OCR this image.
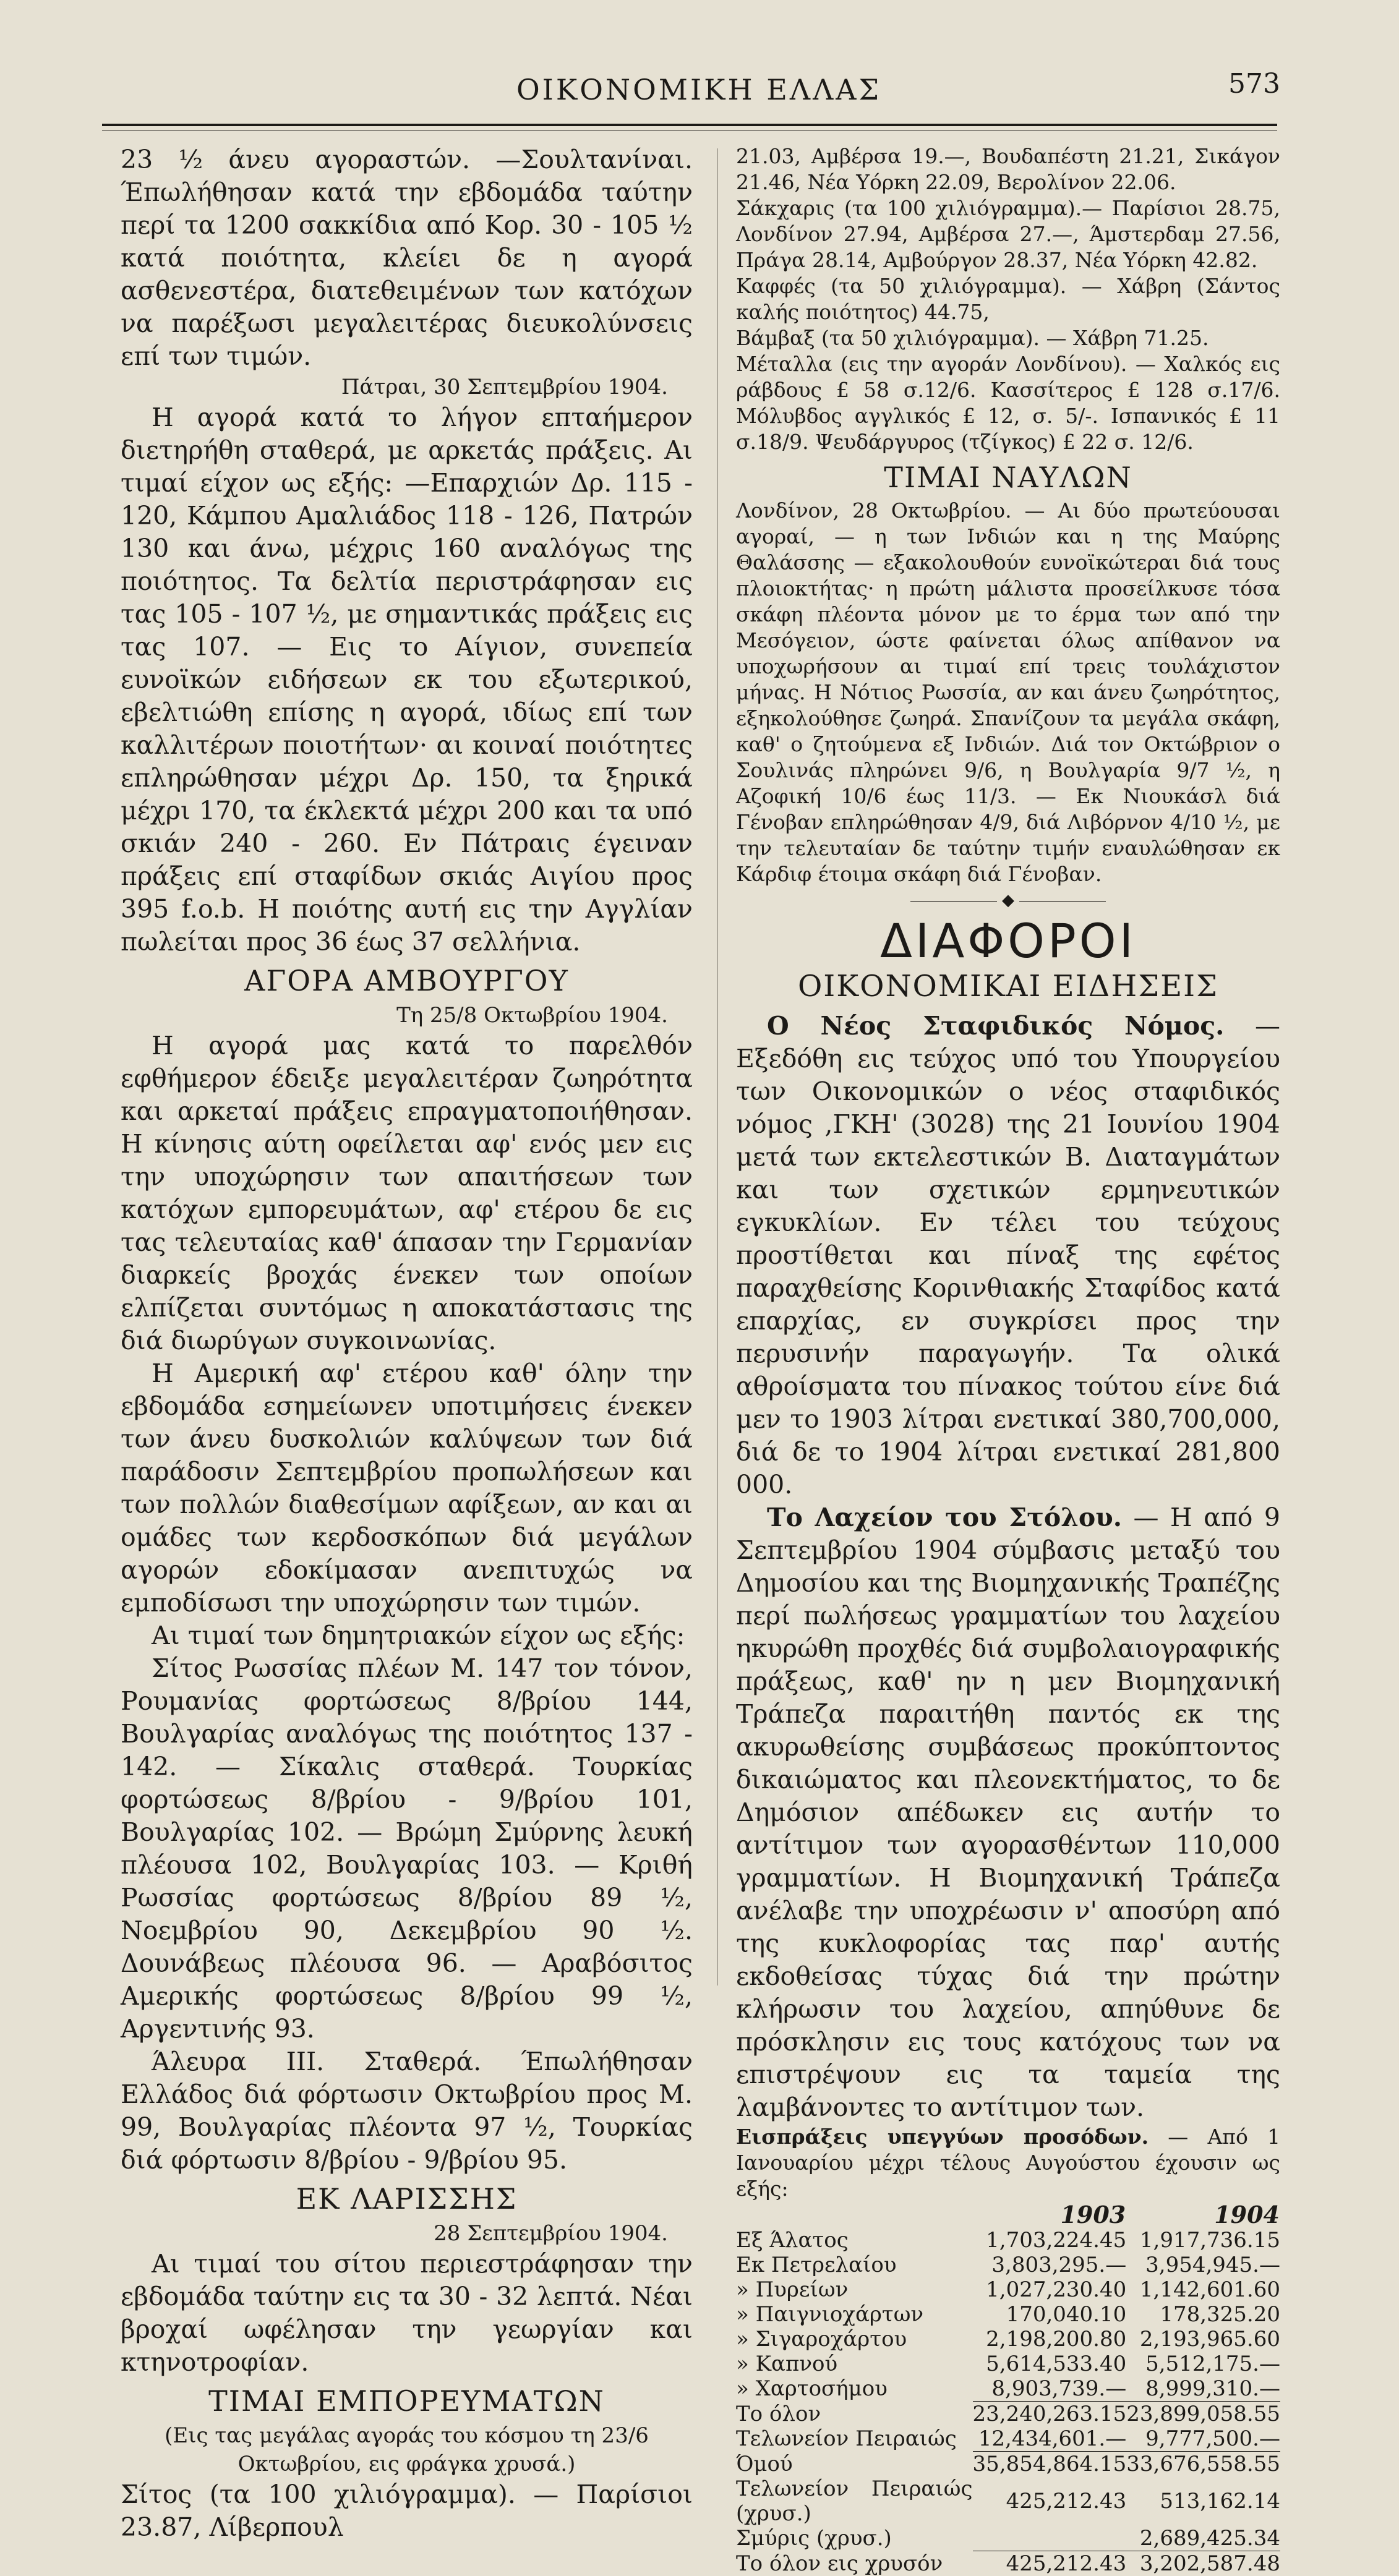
ΟΙΚΟΝΟΜΙΚΗ ΕΛΛΑΣ	573

23 ½ άνευ αγοραστών. —Σουλτανίναι. Έπωλήθησαν κατά την εβδομάδα ταύτην περί τα 1200 σακκίδια από Κορ. 30 - 105 ½ κατά ποιότητα, κλείει δε η αγορά ασθενεστέρα, διατεθειμένων των κατόχων να παρέξωσι μεγαλειτέρας διευκολύνσεις επί των τιμών.

Πάτραι, 30 Σεπτεμβρίου 1904.

Η αγορά κατά το λήγον επταήμερον διετηρήθη σταθερά, με αρκετάς πράξεις. Αι τιμαί είχον ως εξής: —Επαρχιών Δρ. 115 - 120, Κάμπου Αμαλιάδος 118 - 126, Πατρών 130 και άνω, μέχρις 160 αναλόγως της ποιότητος. Τα δελτία περιστράφησαν εις τας 105 - 107 ½, με σημαντικάς πράξεις εις τας 107. — Εις το Αίγιον, συνεπεία ευνοϊκών ειδήσεων εκ του εξωτερικού, εβελτιώθη επίσης η αγορά, ιδίως επί των καλλιτέρων ποιοτήτων· αι κοιναί ποιότητες επληρώθησαν μέχρι Δρ. 150, τα ξηρικά μέχρι 170, τα έκλεκτά μέχρι 200 και τα υπό σκιάν 240 - 260. Εν Πάτραις έγειναν πράξεις επί σταφίδων σκιάς Αιγίου προς 395 f.o.b. Η ποιότης αυτή εις την Αγγλίαν πωλείται προς 36 έως 37 σελλήνια.

ΑΓΟΡΑ ΑΜΒΟΥΡΓΟΥ
Τη 25/8 Οκτωβρίου 1904.

Η αγορά μας κατά το παρελθόν εφθήμερον έδειξε μεγαλειτέραν ζωηρότητα και αρκεταί πράξεις επραγματοποιήθησαν. Η κίνησις αύτη οφείλεται αφ' ενός μεν εις την υποχώρησιν των απαιτήσεων των κατόχων εμπορευμάτων, αφ' ετέρου δε εις τας τελευταίας καθ' άπασαν την Γερμανίαν διαρκείς βροχάς ένεκεν των οποίων ελπίζεται συντόμως η αποκατάστασις της διά διωρύγων συγκοινωνίας.

Η Αμερική αφ' ετέρου καθ' όλην την εβδομάδα εσημείωνεν υποτιμήσεις ένεκεν των άνευ δυσκολιών καλύψεων των διά παράδοσιν Σεπτεμβρίου προπωλήσεων και των πολλών διαθεσίμων αφίξεων, αν και αι ομάδες των κερδοσκόπων διά μεγάλων αγορών εδοκίμασαν ανεπιτυχώς να εμποδίσωσι την υποχώρησιν των τιμών.

Αι τιμαί των δημητριακών είχον ως εξής:

Σίτος Ρωσσίας πλέων Μ. 147 τον τόνον, Ρουμανίας φορτώσεως 8/βρίου 144, Βουλγαρίας αναλόγως της ποιότητος 137 - 142. — Σίκαλις σταθερά. Τουρκίας φορτώσεως 8/βρίου - 9/βρίου 101, Βουλγαρίας 102. — Βρώμη Σμύρνης λευκή πλέουσα 102, Βουλγαρίας 103. — Κριθή Ρωσσίας φορτώσεως 8/βρίου 89 ½, Νοεμβρίου 90, Δεκεμβρίου 90 ½. Δουνάβεως πλέουσα 96. — Αραβόσιτος Αμερικής φορτώσεως 8/βρίου 99 ½, Αργεντινής 93.

Άλευρα ΙΙΙ. Σταθερά. Έπωλήθησαν Ελλάδος διά φόρτωσιν Οκτωβρίου προς Μ. 99, Βουλγαρίας πλέοντα 97 ½, Τουρκίας διά φόρτωσιν 8/βρίου - 9/βρίου 95.

ΕΚ ΛΑΡΙΣΣΗΣ
28 Σεπτεμβρίου 1904.

Αι τιμαί του σίτου περιεστράφησαν την εβδομάδα ταύτην εις τα 30 - 32 λεπτά. Νέαι βροχαί ωφέλησαν την γεωργίαν και κτηνοτροφίαν.

ΤΙΜΑΙ ΕΜΠΟΡΕΥΜΑΤΩΝ
(Εις τας μεγάλας αγοράς του κόσμου τη 23/6 Οκτωβρίου, εις φράγκα χρυσά.)

Σίτος (τα 100 χιλιόγραμμα). — Παρίσιοι 23.87, Λίβερπουλ

21.03, Αμβέρσα 19.—, Βουδαπέστη 21.21, Σικάγον 21.46, Νέα Υόρκη 22.09, Βερολίνον 22.06.

Σάκχαρις (τα 100 χιλιόγραμμα).— Παρίσιοι 28.75, Λονδίνον 27.94, Αμβέρσα 27.—, Άμστερδαμ 27.56, Πράγα 28.14, Αμβούργον 28.37, Νέα Υόρκη 42.82.

Καφφές (τα 50 χιλιόγραμμα). — Χάβρη (Σάντος καλής ποιότητος) 44.75,

Βάμβαξ (τα 50 χιλιόγραμμα). — Χάβρη 71.25.

Μέταλλα (εις την αγοράν Λονδίνου). — Χαλκός εις ράβδους £ 58 σ.12/6. Κασσίτερος £ 128 σ.17/6. Μόλυβδος αγγλικός £ 12, σ. 5/-. Ισπανικός £ 11 σ.18/9. Ψευδάργυρος (τζίγκος) £ 22 σ. 12/6.

ΤΙΜΑΙ ΝΑΥΛΩΝ

Λονδίνον, 28 Οκτωβρίου. — Αι δύο πρωτεύουσαι αγοραί, — η των Ινδιών και η της Μαύρης Θαλάσσης — εξακολουθούν ευνοϊκώτεραι διά τους πλοιοκτήτας· η πρώτη μάλιστα προσείλκυσε τόσα σκάφη πλέοντα μόνον με το έρμα των από την Μεσόγειον, ώστε φαίνεται όλως απίθανον να υποχωρήσουν αι τιμαί επί τρεις τουλάχιστον μήνας. Η Νότιος Ρωσσία, αν και άνευ ζωηρότητος, εξηκολούθησε ζωηρά. Σπανίζουν τα μεγάλα σκάφη, καθ' ο ζητούμενα εξ Ινδιών. Διά τον Οκτώβριον ο Σουλινάς πληρώνει 9/6, η Βουλγαρία 9/7 ½, η Αζοφική 10/6 έως 11/3. — Εκ Νιουκάσλ διά Γένοβαν επληρώθησαν 4/9, διά Λιβόρνον 4/10 ½, με την τελευταίαν δε ταύτην τιμήν εναυλώθησαν εκ Κάρδιφ έτοιμα σκάφη διά Γένοβαν.

◆
ΔΙΑΦΟΡΟΙ
ΟΙΚΟΝΟΜΙΚΑΙ ΕΙΔΗΣΕΙΣ

Ο Νέος Σταφιδικός Νόμος. — Εξεδόθη εις τεύχος υπό του Υπουργείου των Οικονομικών ο νέος σταφιδικός νόμος ,ΓΚΗ' (3028) της 21 Ιουνίου 1904 μετά των εκτελεστικών Β. Διαταγμάτων και των σχετικών ερμηνευτικών εγκυκλίων. Εν τέλει του τεύχους προστίθεται και πίναξ της εφέτος παραχθείσης Κορινθιακής Σταφίδος κατά επαρχίας, εν συγκρίσει προς την περυσινήν παραγωγήν. Τα ολικά αθροίσματα του πίνακος τούτου είνε διά μεν το 1903 λίτραι ενετικαί 380,700,000, διά δε το 1904 λίτραι ενετικαί 281,800 000.

Το Λαχείον του Στόλου. — Η από 9 Σεπτεμβρίου 1904 σύμβασις μεταξύ του Δημοσίου και της Βιομηχανικής Τραπέζης περί πωλήσεως γραμματίων του λαχείου ηκυρώθη προχθές διά συμβολαιογραφικής πράξεως, καθ' ην η μεν Βιομηχανική Τράπεζα παραιτήθη παντός εκ της ακυρωθείσης συμβάσεως προκύπτοντος δικαιώματος και πλεονεκτήματος, το δε Δημόσιον απέδωκεν εις αυτήν το αντίτιμον των αγορασθέντων 110,000 γραμματίων. Η Βιομηχανική Τράπεζα ανέλαβε την υποχρέωσιν ν' αποσύρη από της κυκλοφορίας τας παρ' αυτής εκδοθείσας τύχας διά την πρώτην κλήρωσιν του λαχείου, απηύθυνε δε πρόσκλησιν εις τους κατόχους των να επιστρέψουν εις τα ταμεία της λαμβάνοντες το αντίτιμον των.

Εισπράξεις υπεγγύων προσόδων. — Από 1 Ιανουαρίου μέχρι τέλους Αυγούστου έχουσιν ως εξής:

	1903	1904
Εξ Άλατος	1,703,224.45	1,917,736.15
Εκ Πετρελαίου	3,803,295.—	3,954,945.—
» Πυρείων	1,027,230.40	1,142,601.60
» Παιγνιοχάρτων	170,040.10	178,325.20
» Σιγαροχάρτου	2,198,200.80	2,193,965.60
» Καπνού	5,614,533.40	5,512,175.—
» Χαρτοσήμου	8,903,739.—	8,999,310.—
Το όλον	23,240,263.15	23,899,058.55
Τελωνείον Πειραιώς	12,434,601.—	9,777,500.—
Όμού	35,854,864.15	33,676,558.55
Τελωνείον Πειραιώς (χρυσ.)	425,212.43	513,162.14
Σμύρις (χρυσ.)		2,689,425.34
Το όλον εις χρυσόν	425,212.43	3,202,587.48
